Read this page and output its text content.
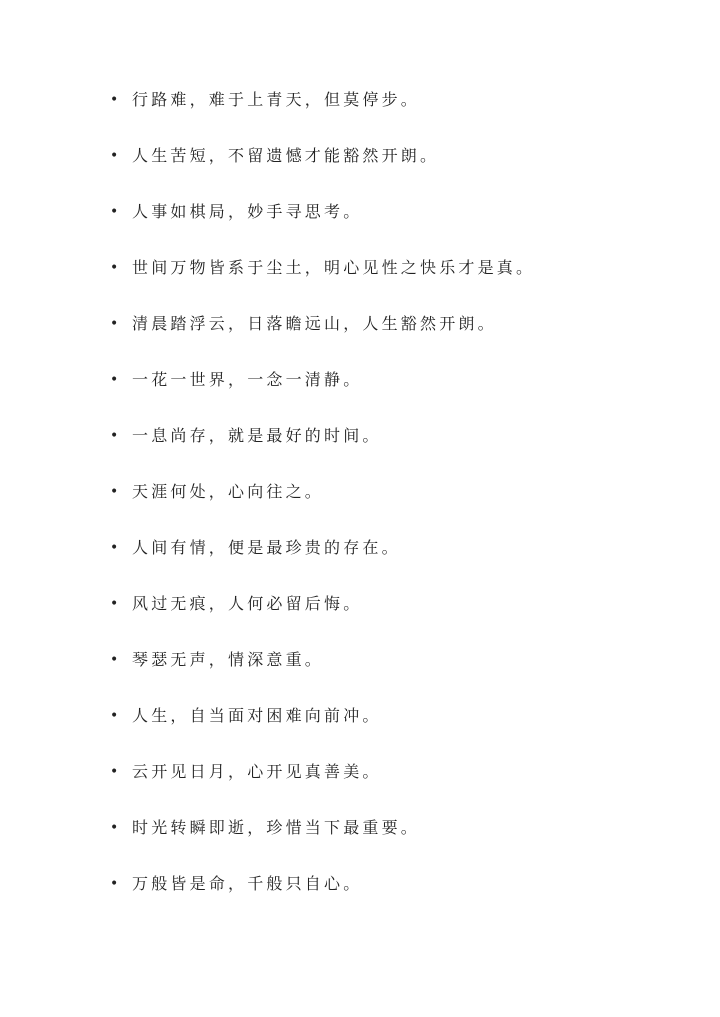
• 行路难，难于上青天，但莫停步。
• 人生苦短，不留遗憾才能豁然开朗。
• 人事如棋局，妙手寻思考。
• 世间万物皆系于尘土，明心见性之快乐才是真。
• 清晨踏浮云，日落瞻远山，人生豁然开朗。
• 一花一世界，一念一清静。
• 一息尚存，就是最好的时间。
• 天涯何处，心向往之。
• 人间有情，便是最珍贵的存在。
• 风过无痕，人何必留后悔。
• 琴瑟无声，情深意重。
• 人生，自当面对困难向前冲。
• 云开见日月，心开见真善美。
• 时光转瞬即逝，珍惜当下最重要。
• 万般皆是命，千般只自心。
